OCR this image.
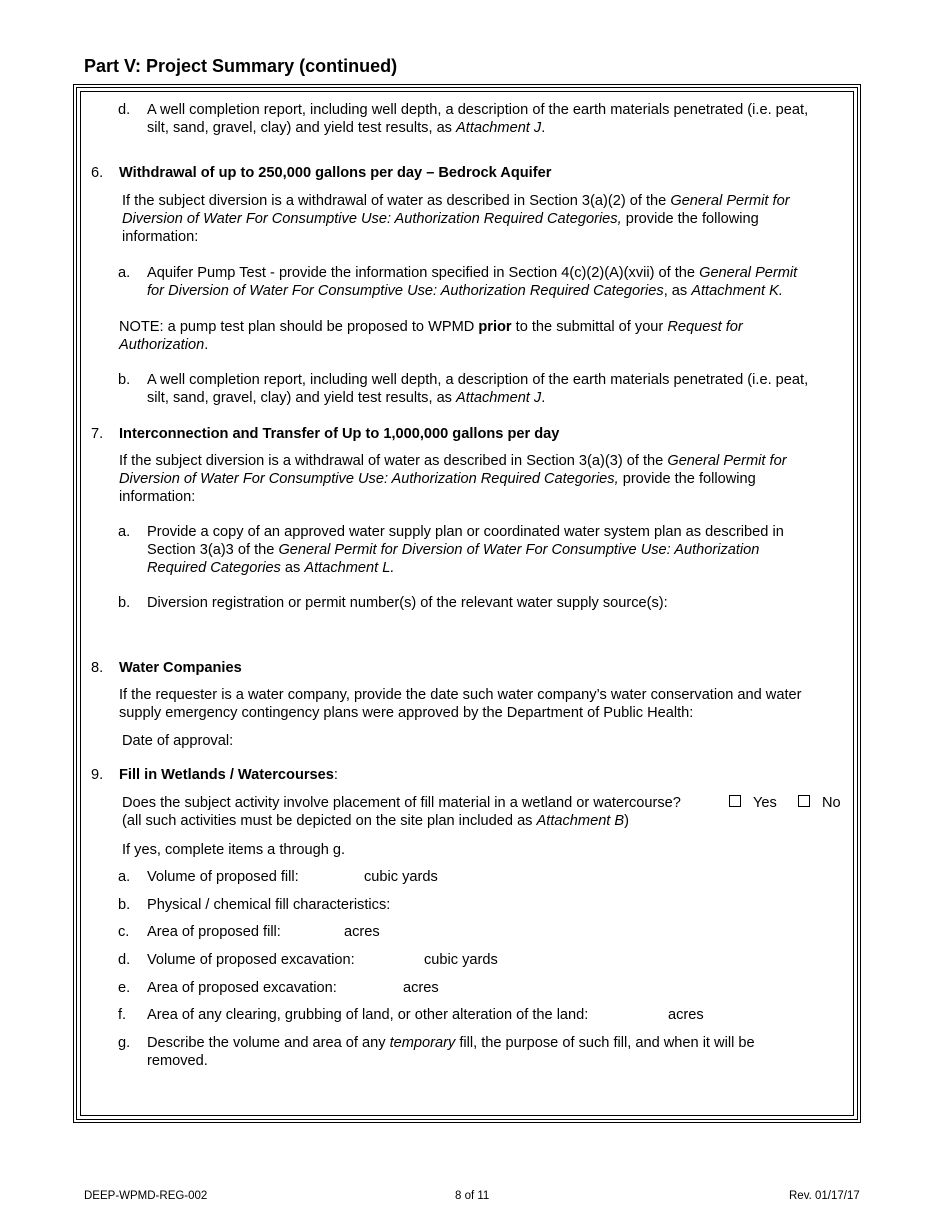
Part V: Project Summary (continued)
d. A well completion report, including well depth, a description of the earth materials penetrated (i.e. peat,
silt, sand, gravel, clay) and yield test results, as Attachment J.
6. Withdrawal of up to 250,000 gallons per day – Bedrock Aquifer
If the subject diversion is a withdrawal of water as described in Section 3(a)(2) of the General Permit for
Diversion of Water For Consumptive Use: Authorization Required Categories, provide the following
information:
a. Aquifer Pump Test - provide the information specified in Section 4(c)(2)(A)(xvii) of the General Permit
for Diversion of Water For Consumptive Use: Authorization Required Categories, as Attachment K.
NOTE: a pump test plan should be proposed to WPMD prior to the submittal of your Request for
Authorization.
b. A well completion report, including well depth, a description of the earth materials penetrated (i.e. peat,
silt, sand, gravel, clay) and yield test results, as Attachment J.
7. Interconnection and Transfer of Up to 1,000,000 gallons per day
If the subject diversion is a withdrawal of water as described in Section 3(a)(3) of the General Permit for
Diversion of Water For Consumptive Use: Authorization Required Categories, provide the following
information:
a. Provide a copy of an approved water supply plan or coordinated water system plan as described in
Section 3(a)3 of the General Permit for Diversion of Water For Consumptive Use: Authorization
Required Categories as Attachment L.
b. Diversion registration or permit number(s) of the relevant water supply source(s):
8. Water Companies
If the requester is a water company, provide the date such water company’s water conservation and water
supply emergency contingency plans were approved by the Department of Public Health:
Date of approval:
9. Fill in Wetlands / Watercourses:
Does the subject activity involve placement of fill material in a wetland or watercourse?	Yes	No
(all such activities must be depicted on the site plan included as Attachment B)
If yes, complete items a through g.
a. Volume of proposed fill:	cubic yards
b. Physical / chemical fill characteristics:
c. Area of proposed fill:	acres
d. Volume of proposed excavation:	cubic yards
e. Area of proposed excavation:	acres
f. Area of any clearing, grubbing of land, or other alteration of the land:	acres
g. Describe the volume and area of any temporary fill, the purpose of such fill, and when it will be
removed.
DEEP-WPMD-REG-002	8 of 11	Rev. 01/17/17
